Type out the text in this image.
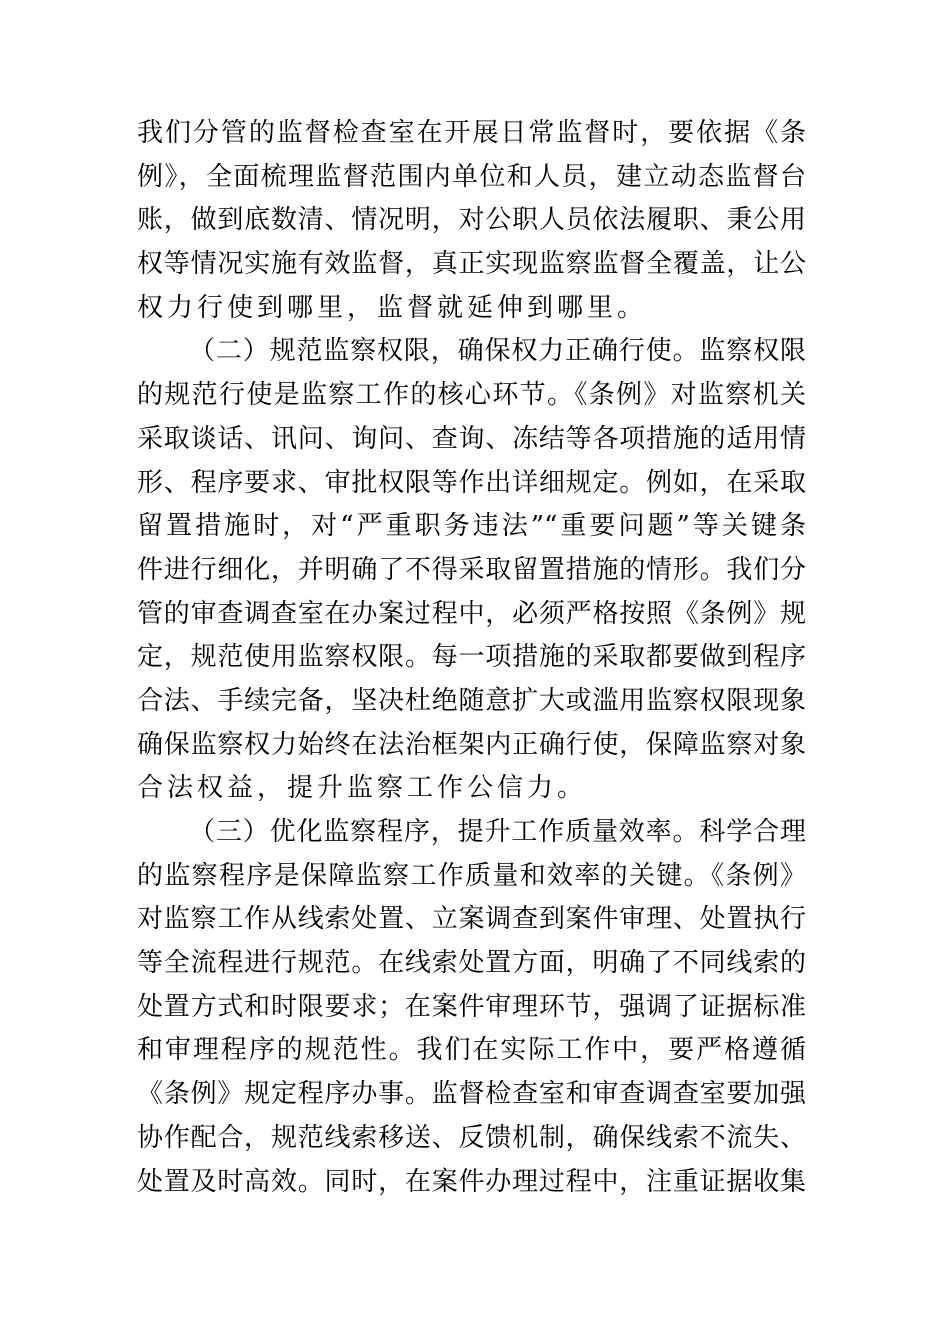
我们分管的监督检查室在开展日常监督时，要依据《条
例》，全面梳理监督范围内单位和人员，建立动态监督台
账，做到底数清、情况明，对公职人员依法履职、秉公用
权等情况实施有效监督，真正实现监察监督全覆盖，让公
权力行使到哪里，监督就延伸到哪里。
（二）规范监察权限，确保权力正确行使。监察权限
的规范行使是监察工作的核心环节。《条例》对监察机关
采取谈话、讯问、询问、查询、冻结等各项措施的适用情
形、程序要求、审批权限等作出详细规定。例如，在采取
留置措施时，对“严重职务违法”“重要问题”等关键条
件进行细化，并明确了不得采取留置措施的情形。我们分
管的审查调查室在办案过程中，必须严格按照《条例》规
定，规范使用监察权限。每一项措施的采取都要做到程序
合法、手续完备，坚决杜绝随意扩大或滥用监察权限现象
确保监察权力始终在法治框架内正确行使，保障监察对象
合法权益，提升监察工作公信力。
（三）优化监察程序，提升工作质量效率。科学合理
的监察程序是保障监察工作质量和效率的关键。《条例》
对监察工作从线索处置、立案调查到案件审理、处置执行
等全流程进行规范。在线索处置方面，明确了不同线索的
处置方式和时限要求；在案件审理环节，强调了证据标准
和审理程序的规范性。我们在实际工作中，要严格遵循
《条例》规定程序办事。监督检查室和审查调查室要加强
协作配合，规范线索移送、反馈机制，确保线索不流失、
处置及时高效。同时，在案件办理过程中，注重证据收集
